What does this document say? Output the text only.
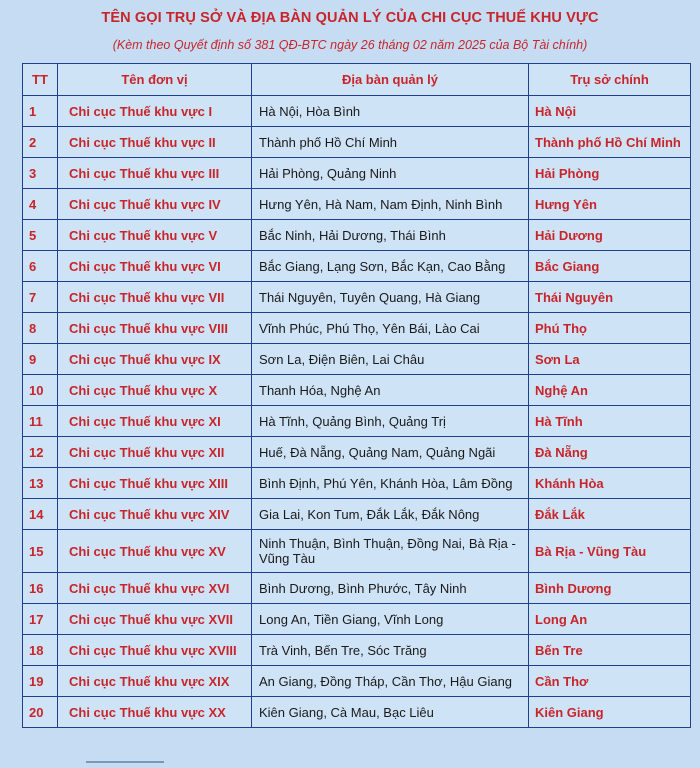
TÊN GỌI TRỤ SỞ VÀ ĐỊA BÀN QUẢN LÝ CỦA CHI CỤC THUẾ KHU VỰC
(Kèm theo Quyết định số 381 QĐ-BTC ngày 26 tháng 02 năm 2025 của Bộ Tài chính)
TT	Tên đơn vị	Địa bàn quản lý	Trụ sở chính
1	Chi cục Thuế khu vực I	Hà Nội, Hòa Bình	Hà Nội
2	Chi cục Thuế khu vực II	Thành phố Hồ Chí Minh	Thành phố Hồ Chí Minh
3	Chi cục Thuế khu vực III	Hải Phòng, Quảng Ninh	Hải Phòng
4	Chi cục Thuế khu vực IV	Hưng Yên, Hà Nam, Nam Định, Ninh Bình	Hưng Yên
5	Chi cục Thuế khu vực V	Bắc Ninh, Hải Dương, Thái Bình	Hải Dương
6	Chi cục Thuế khu vực VI	Bắc Giang, Lạng Sơn, Bắc Kạn, Cao Bằng	Bắc Giang
7	Chi cục Thuế khu vực VII	Thái Nguyên, Tuyên Quang, Hà Giang	Thái Nguyên
8	Chi cục Thuế khu vực VIII	Vĩnh Phúc, Phú Thọ, Yên Bái, Lào Cai	Phú Thọ
9	Chi cục Thuế khu vực IX	Sơn La, Điện Biên, Lai Châu	Sơn La
10	Chi cục Thuế khu vực X	Thanh Hóa, Nghệ An	Nghệ An
11	Chi cục Thuế khu vực XI	Hà Tĩnh, Quảng Bình, Quảng Trị	Hà Tĩnh
12	Chi cục Thuế khu vực XII	Huế, Đà Nẵng, Quảng Nam, Quảng Ngãi	Đà Nẵng
13	Chi cục Thuế khu vực XIII	Bình Định, Phú Yên, Khánh Hòa, Lâm Đồng	Khánh Hòa
14	Chi cục Thuế khu vực XIV	Gia Lai, Kon Tum, Đắk Lắk, Đắk Nông	Đắk Lắk
15	Chi cục Thuế khu vực XV	Ninh Thuận, Bình Thuận, Đồng Nai, Bà Rịa - Vũng Tàu	Bà Rịa - Vũng Tàu
16	Chi cục Thuế khu vực XVI	Bình Dương, Bình Phước, Tây Ninh	Bình Dương
17	Chi cục Thuế khu vực XVII	Long An, Tiền Giang, Vĩnh Long	Long An
18	Chi cục Thuế khu vực XVIII	Trà Vinh, Bến Tre, Sóc Trăng	Bến Tre
19	Chi cục Thuế khu vực XIX	An Giang, Đồng Tháp, Cần Thơ, Hậu Giang	Cần Thơ
20	Chi cục Thuế khu vực XX	Kiên Giang, Cà Mau, Bạc Liêu	Kiên Giang
